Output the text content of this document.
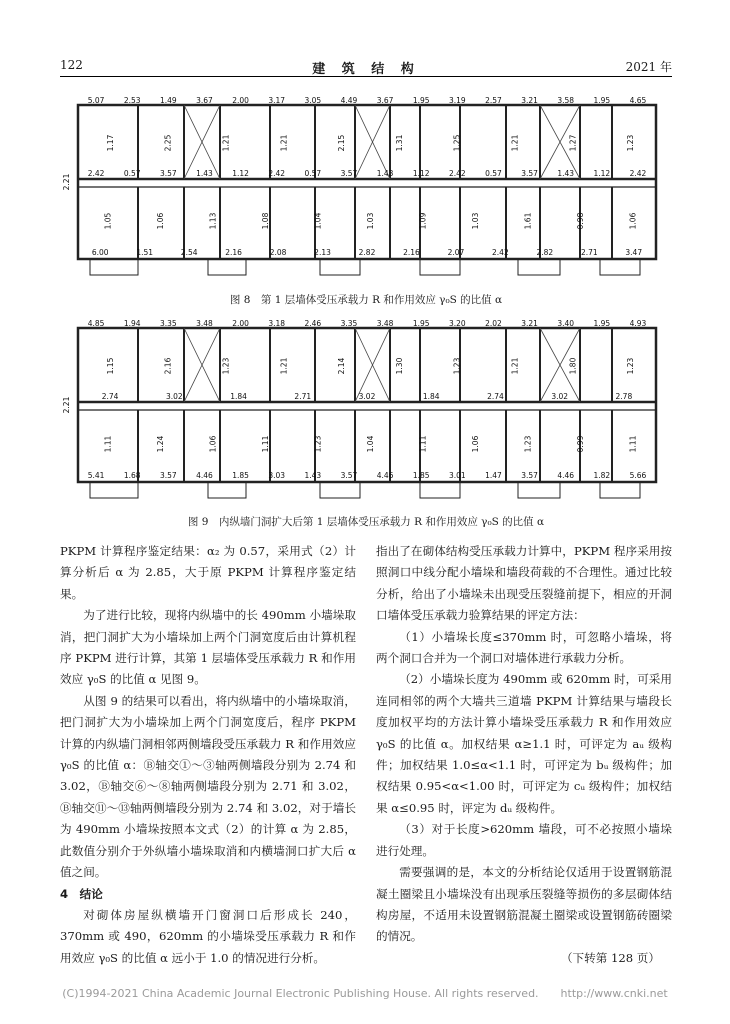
122	建 筑 结 构	2021 年
5.07	2.53	1.49	3.67	2.00	3.17	3.05	4.49	3.67	1.95	3.19	2.57	3.21	3.58	1.95	4.65
2.42	0.57	3.57	1.43	1.12	2.42	0.57	3.57	1.43	1.12	2.42	0.57	3.57	1.43	1.12	2.42
6.00	1.51	2.54	2.16	2.08	2.13	2.82	2.16	2.07	2.42	2.82	2.71	3.47
1.17	2.25	1.21	1.21	2.15	1.31	1.25	1.21	1.27	1.23
1.05	1.06	1.13	1.08	1.04	1.03	1.09	1.03	1.61	0.98	1.06
2.21
图 8　第 1 层墙体受压承载力 R 和作用效应 γ₀S 的比值 α
4.85	1.94	3.35	3.48	2.00	3.18	2.46	3.35	3.48	1.95	3.20	2.02	3.21	3.40	1.95	4.93
2.74	3.02	1.84	2.71	3.02	1.84	2.74	3.02	2.78
5.41	1.68	3.57	4.46	1.85	3.03	1.43	3.57	4.46	1.85	3.01	1.47	3.57	4.46	1.82	5.66
1.15	2.16	1.23	1.21	2.14	1.30	1.23	1.21	1.80	1.23
1.11	1.24	1.06	1.11	1.23	1.04	1.11	1.06	1.23	0.99	1.11
2.21
图 9　内纵墙门洞扩大后第 1 层墙体受压承载力 R 和作用效应 γ₀S 的比值 α

PKPM 计算程序鉴定结果：α₂ 为 0.57，采用式（2）计算分析后 α 为 2.85，大于原 PKPM 计算程序鉴定结果。

为了进行比较，现将内纵墙中的长 490mm 小墙垛取消，把门洞扩大为小墙垛加上两个门洞宽度后由计算机程序 PKPM 进行计算，其第 1 层墙体受压承载力 R 和作用效应 γ₀S 的比值 α 见图 9。

从图 9 的结果可以看出，将内纵墙中的小墙垛取消，把门洞扩大为小墙垛加上两个门洞宽度后，程序 PKPM 计算的内纵墙门洞相邻两侧墙段受压承载力 R 和作用效应 γ₀S 的比值 α：Ⓑ轴交①～③轴两侧墙段分别为 2.74 和 3.02，Ⓑ轴交⑥～⑧轴两侧墙段分别为 2.71 和 3.02，Ⓑ轴交⑪～⑬轴两侧墙段分别为 2.74 和 3.02，对于墙长为 490mm 小墙垛按照本文式（2）的计算 α 为 2.85，此数值分别介于外纵墙小墙垛取消和内横墙洞口扩大后 α 值之间。

4　结论

对砌体房屋纵横墙开门窗洞口后形成长 240，370mm 或 490，620mm 的小墙垛受压承载力 R 和作用效应 γ₀S 的比值 α 远小于 1.0 的情况进行分析。

指出了在砌体结构受压承载力计算中，PKPM 程序采用按照洞口中线分配小墙垛和墙段荷载的不合理性。通过比较分析，给出了小墙垛未出现受压裂缝前提下，相应的开洞口墙体受压承载力验算结果的评定方法：

（1）小墙垛长度≤370mm 时，可忽略小墙垛，将两个洞口合并为一个洞口对墙体进行承载力分析。

（2）小墙垛长度为 490mm 或 620mm 时，可采用连同相邻的两个大墙共三道墙 PKPM 计算结果与墙段长度加权平均的方法计算小墙垛受压承载力 R 和作用效应 γ₀S 的比值 α。加权结果 α≥1.1 时，可评定为 aᵤ 级构件；加权结果 1.0≤α<1.1 时，可评定为 bᵤ 级构件；加权结果 0.95<α<1.00 时，可评定为 cᵤ 级构件；加权结果 α≤0.95 时，评定为 dᵤ 级构件。

（3）对于长度>620mm 墙段，可不必按照小墙垛进行处理。

需要强调的是，本文的分析结论仅适用于设置钢筋混凝土圈梁且小墙垛没有出现承压裂缝等损伤的多层砌体结构房屋，不适用未设置钢筋混凝土圈梁或设置钢筋砖圈梁的情况。

（下转第 128 页）

(C)1994-2021 China Academic Journal Electronic Publishing House. All rights reserved.　　http://www.cnki.net
